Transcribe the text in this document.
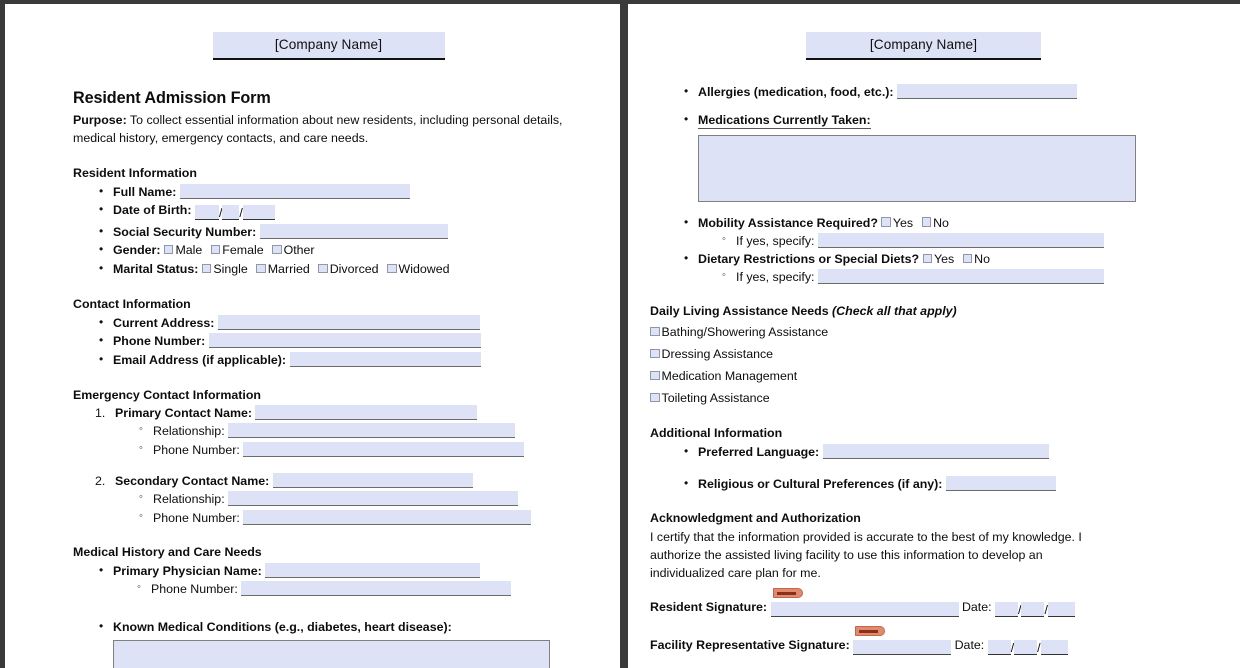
[Company Name]
Resident Admission Form
Purpose: To collect essential information about new residents, including personal details, medical history, emergency contacts, and care needs.
Resident Information
• Full Name:
• Date of Birth: / /
• Social Security Number:
• Gender: Male Female Other
• Marital Status: Single Married Divorced Widowed
Contact Information
• Current Address:
• Phone Number:
• Email Address (if applicable):
Emergency Contact Information
Primary Contact Name:
◦ Relationship:
◦ Phone Number:
Secondary Contact Name:
◦ Relationship:
◦ Phone Number:
Medical History and Care Needs
• Primary Physician Name:
◦ Phone Number:
• Known Medical Conditions (e.g., diabetes, heart disease):
[Company Name]
• Allergies (medication, food, etc.):
• Medications Currently Taken:
• Mobility Assistance Required? Yes No
◦ If yes, specify:
• Dietary Restrictions or Special Diets? Yes No
◦ If yes, specify:
Daily Living Assistance Needs (Check all that apply)
Bathing/Showering Assistance
Dressing Assistance
Medication Management
Toileting Assistance
Additional Information
• Preferred Language:
• Religious or Cultural Preferences (if any):
Acknowledgment and Authorization
I certify that the information provided is accurate to the best of my knowledge. I authorize the assisted living facility to use this information to develop an individualized care plan for me.
Resident Signature:	Date: / /
Facility Representative Signature:	Date: / /
